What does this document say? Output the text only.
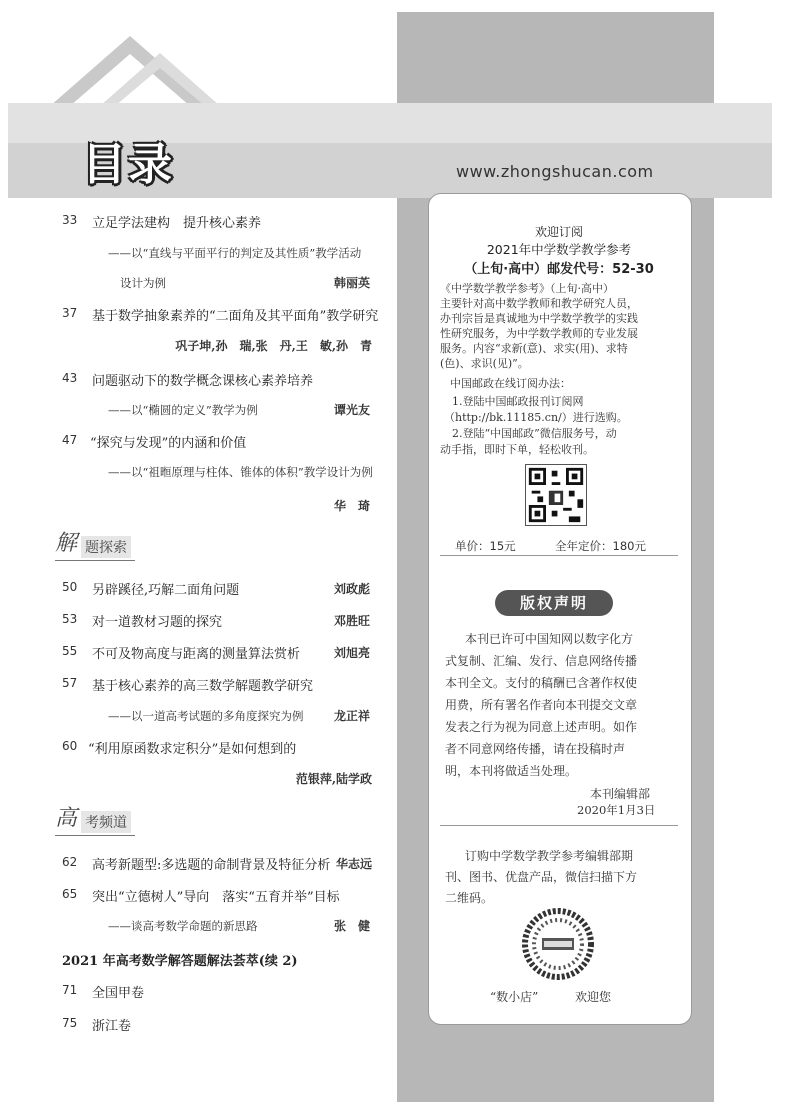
目录	www.zhongshucan.com
33 立足学法建构　提升核心素养
——以“直线与平面平行的判定及其性质”教学活动
设计为例	韩丽英
37 基于数学抽象素养的“二面角及其平面角”教学研究
巩子坤,孙　瑞,张　丹,王　敏,孙　青
43 问题驱动下的数学概念课核心素养培养
——以“椭圆的定义”教学为例	谭光友
47 “探究与发现”的内涵和价值
——以“祖暅原理与柱体、锥体的体积”教学设计为例
华　琦
解 题探索
50 另辟蹊径,巧解二面角问题	刘政彪
53 对一道教材习题的探究	邓胜旺
55 不可及物高度与距离的测量算法赏析	刘旭亮
57 基于核心素养的高三数学解题教学研究
——以一道高考试题的多角度探究为例	龙正祥
60 “利用原函数求定积分”是如何想到的
范银萍,陆学政
高 考频道
62 高考新题型:多选题的命制背景及特征分析 华志远
65 突出“立德树人”导向　落实“五育并举”目标
——谈高考数学命题的新思路	张　健
2021 年高考数学解答题解法荟萃(续 2)
71 全国甲卷
75 浙江卷
欢迎订阅
2021年中学数学教学参考
（上旬·高中）邮发代号：52-30
《中学数学教学参考》（上旬·高中）
主要针对高中数学教师和教学研究人员，
办刊宗旨是真诚地为中学数学教学的实践
性研究服务，为中学数学教师的专业发展
服务。内容“求新(意)、求实(用)、求特
(色)、求识(见)”。
中国邮政在线订阅办法：
1.登陆中国邮政报刊订阅网
（http://bk.11185.cn/）进行选购。
2.登陆“中国邮政”微信服务号，动
动手指，即时下单，轻松收刊。
单价：15元	全年定价：180元
版权声明
本刊已许可中国知网以数字化方
式复制、汇编、发行、信息网络传播
本刊全文。支付的稿酬已含著作权使
用费，所有署名作者向本刊提交文章
发表之行为视为同意上述声明。如作
者不同意网络传播，请在投稿时声
明，本刊将做适当处理。
本刊编辑部
2020年1月3日
订购中学数学教学参考编辑部期
刊、图书、优盘产品，微信扫描下方
二维码。
“数小店”	欢迎您
